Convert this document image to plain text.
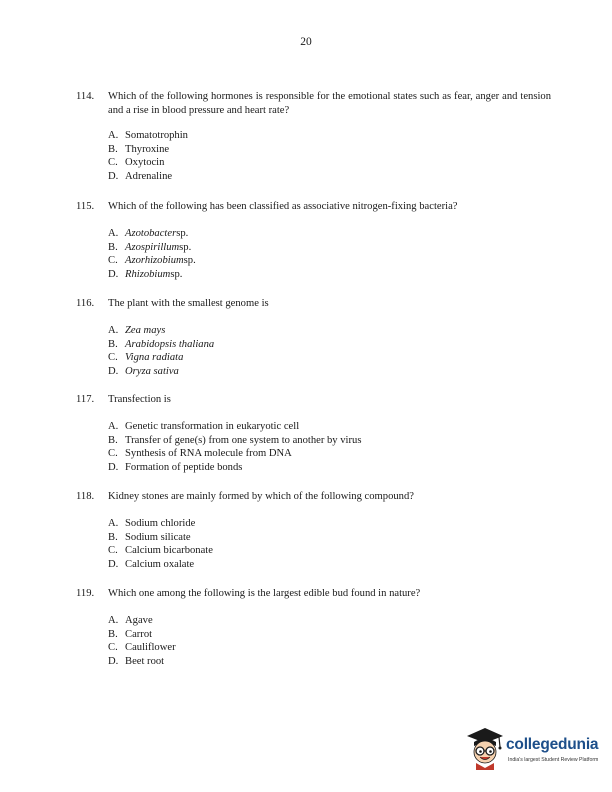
20
114.	Which of the following hormones is responsible for the emotional states such as fear, anger and tension and a rise in blood pressure and heart rate?
A. Somatotrophin
B. Thyroxine
C. Oxytocin
D. Adrenaline
115.	Which of the following has been classified as associative nitrogen-fixing bacteria?
A. Azotobacter sp.
B. Azospirillum sp.
C. Azorhizobium sp.
D. Rhizobium sp.
116.	The plant with the smallest genome is
A. Zea mays
B. Arabidopsis thaliana
C. Vigna radiata
D. Oryza sativa
117.	Transfection is
A. Genetic transformation in eukaryotic cell
B. Transfer of gene(s) from one system to another by virus
C. Synthesis of RNA molecule from DNA
D. Formation of peptide bonds
118.	Kidney stones are mainly formed by which of the following compound?
A. Sodium chloride
B. Sodium silicate
C. Calcium bicarbonate
D. Calcium oxalate
119.	Which one among the following is the largest edible bud found in nature?
A. Agave
B. Carrot
C. Cauliflower
D. Beet root
collegedunia
India's largest Student Review Platform
